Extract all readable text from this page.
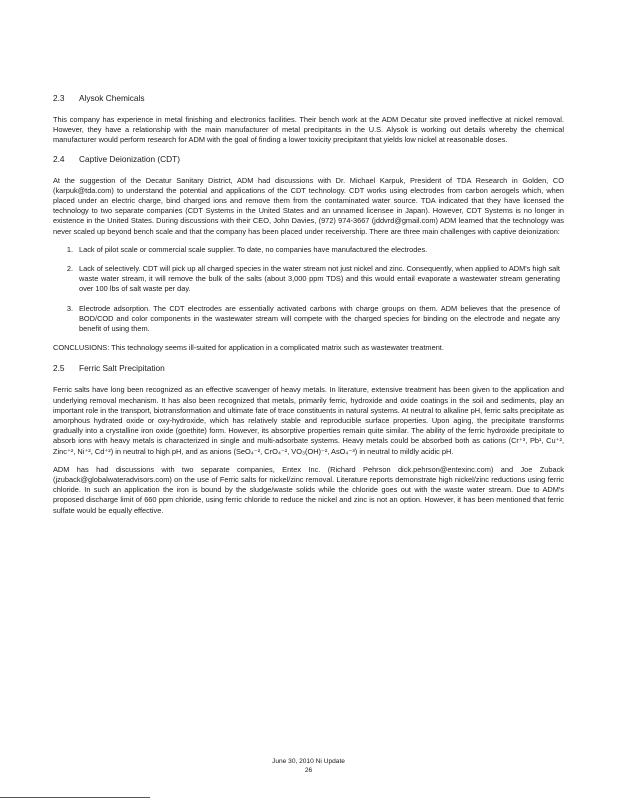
2.3 Alysok Chemicals

This company has experience in metal finishing and electronics facilities. Their bench work at the ADM Decatur site proved ineffective at nickel removal. However, they have a relationship with the main manufacturer of metal precipitants in the U.S. Alysok is working out details whereby the chemical manufacturer would perform research for ADM with the goal of finding a lower toxicity precipitant that yields low nickel at reasonable doses.

2.4 Captive Deionization (CDT)

At the suggestion of the Decatur Sanitary District, ADM had discussions with Dr. Michael Karpuk, President of TDA Research in Golden, CO (karpuk@tda.com) to understand the potential and applications of the CDT technology. CDT works using electrodes from carbon aerogels which, when placed under an electric charge, bind charged ions and remove them from the contaminated water source. TDA indicated that they have licensed the technology to two separate companies (CDT Systems in the United States and an unnamed licensee in Japan). However, CDT Systems is no longer in existence in the United States. During discussions with their CEO, John Davies, (972) 974-3667 (jddvrd@gmail.com) ADM learned that the technology was never scaled up beyond bench scale and that the company has been placed under receivership. There are three main challenges with captive deionization:

1. Lack of pilot scale or commercial scale supplier. To date, no companies have manufactured the electrodes.
2. Lack of selectively. CDT will pick up all charged species in the water stream not just nickel and zinc. Consequently, when applied to ADM's high salt waste water stream, it will remove the bulk of the salts (about 3,000 ppm TDS) and this would entail evaporate a wastewater stream generating over 100 lbs of salt waste per day.
3. Electrode adsorption. The CDT electrodes are essentially activated carbons with charge groups on them. ADM believes that the presence of BOD/COD and color components in the wastewater stream will compete with the charged species for binding on the electrode and negate any benefit of using them.

CONCLUSIONS: This technology seems ill-suited for application in a complicated matrix such as wastewater treatment.

2.5 Ferric Salt Precipitation

Ferric salts have long been recognized as an effective scavenger of heavy metals. In literature, extensive treatment has been given to the application and underlying removal mechanism. It has also been recognized that metals, primarily ferric, hydroxide and oxide coatings in the soil and sediments, play an important role in the transport, biotransformation and ultimate fate of trace constituents in natural systems. At neutral to alkaline pH, ferric salts precipitate as amorphous hydrated oxide or oxy-hydroxide, which has relatively stable and reproducible surface properties. Upon aging, the precipitate transforms gradually into a crystalline iron oxide (goethite) form. However, its absorptive properties remain quite similar. The ability of the ferric hydroxide precipitate to absorb ions with heavy metals is characterized in single and multi-adsorbate systems. Heavy metals could be absorbed both as cations (Cr⁺³, Pb¹, Cu⁺², Zinc⁺², Ni⁺², Cd⁺²) in neutral to high pH, and as anions (SeO₄⁻², CrO₄⁻², VO₃(OH)⁻², AsO₄⁻³) in neutral to mildly acidic pH.

ADM has had discussions with two separate companies, Entex Inc. (Richard Pehrson dick.pehrson@entexinc.com) and Joe Zuback (jzuback@globalwateradvisors.com) on the use of Ferric salts for nickel/zinc removal. Literature reports demonstrate high nickel/zinc reductions using ferric chloride. In such an application the iron is bound by the sludge/waste solids while the chloride goes out with the waste water stream. Due to ADM's proposed discharge limit of 660 ppm chloride, using ferric chloride to reduce the nickel and zinc is not an option. However, it has been mentioned that ferric sulfate would be equally effective.

June 30, 2010 Ni Update
26
